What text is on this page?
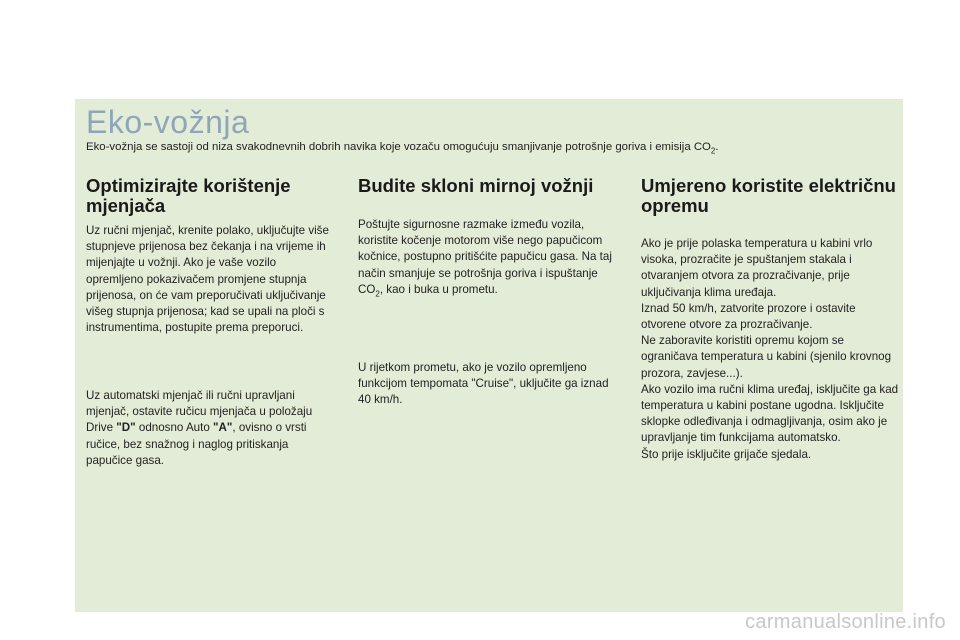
Eko-vožnja
Eko-vožnja se sastoji od niza svakodnevnih dobrih navika koje vozaču omogućuju smanjivanje potrošnje goriva i emisija $CO_2$.
Optimizirajte korištenje mjenjača

Uz ručni mjenjač, krenite polako, uključujte više stupnjeve prijenosa bez čekanja i na vrijeme ih mijenjajte u vožnji. Ako je vaše vozilo opremljeno pokazivačem promjene stupnja prijenosa, on će vam preporučivati uključivanje višeg stupnja prijenosa; kad se upali na ploči s instrumentima, postupite prema preporuci.

Uz automatski mjenjač ili ručni upravljani mjenjač, ostavite ručicu mjenjača u položaju Drive "D" odnosno Auto "A", ovisno o vrsti ručice, bez snažnog i naglog pritiskanja papučice gasa.

Budite skloni mirnoj vožnji

Poštujte sigurnosne razmake između vozila, koristite kočenje motorom više nego papučicom kočnice, postupno pritišćite papučicu gasa. Na taj način smanjuje se potrošnja goriva i ispuštanje $CO_2$, kao i buka u prometu.

U rijetkom prometu, ako je vozilo opremljeno funkcijom tempomata "Cruise", uključite ga iznad 40 km/h.

Umjereno koristite električnu opremu

Ako je prije polaska temperatura u kabini vrlo visoka, prozračite je spuštanjem stakala i otvaranjem otvora za prozračivanje, prije uključivanja klima uređaja.

Iznad 50 km/h, zatvorite prozore i ostavite otvorene otvore za prozračivanje.

Ne zaboravite koristiti opremu kojom se ograničava temperatura u kabini (sjenilo krovnog prozora, zavjese...).

Ako vozilo ima ručni klima uređaj, isključite ga kad temperatura u kabini postane ugodna. Isključite sklopke odleđivanja i odmagljivanja, osim ako je upravljanje tim funkcijama automatsko.

Što prije isključite grijače sjedala.

carmanualsonline.info
